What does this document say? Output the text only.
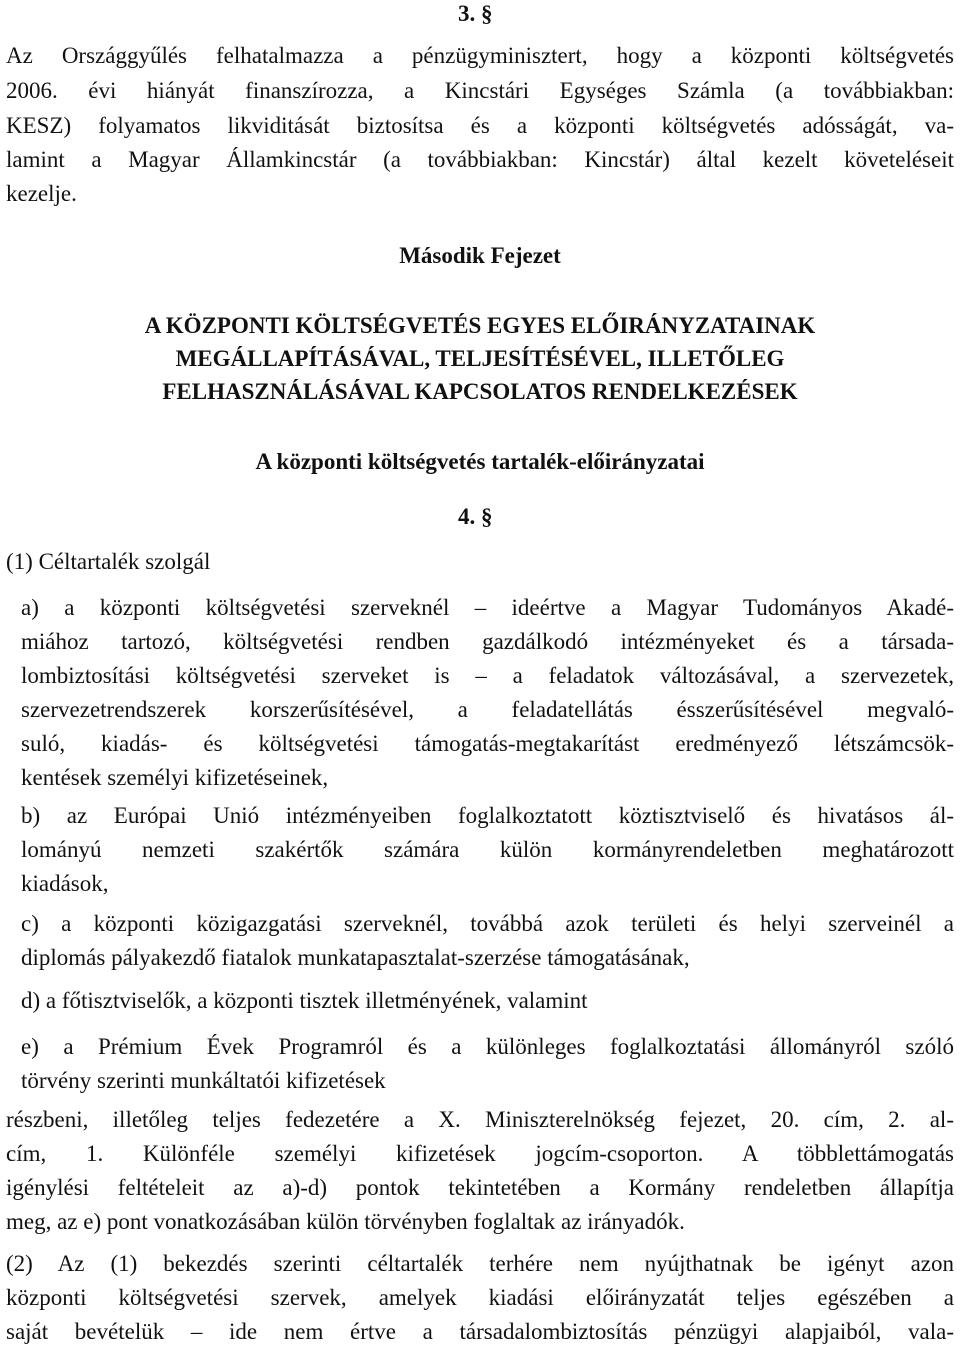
3. §
Az Országgyűlés felhatalmazza a pénzügyminisztert, hogy a központi költségvetés
2006. évi hiányát finanszírozza, a Kincstári Egységes Számla (a továbbiakban:
KESZ) folyamatos likviditását biztosítsa és a központi költségvetés adósságát, va-
lamint a Magyar Államkincstár (a továbbiakban: Kincstár) által kezelt követeléseit
kezelje.
Második Fejezet
A KÖZPONTI KÖLTSÉGVETÉS EGYES ELŐIRÁNYZATAINAK
MEGÁLLAPÍTÁSÁVAL, TELJESÍTÉSÉVEL, ILLETŐLEG
FELHASZNÁLÁSÁVAL KAPCSOLATOS RENDELKEZÉSEK
A központi költségvetés tartalék-előirányzatai
4. §
(1) Céltartalék szolgál
a) a központi költségvetési szerveknél – ideértve a Magyar Tudományos Akadé-
miához tartozó, költségvetési rendben gazdálkodó intézményeket és a társada-
lombiztosítási költségvetési szerveket is – a feladatok változásával, a szervezetek,
szervezetrendszerek korszerűsítésével, a feladatellátás ésszerűsítésével megvaló-
suló, kiadás- és költségvetési támogatás-megtakarítást eredményező létszámcsök-
kentések személyi kifizetéseinek,
b) az Európai Unió intézményeiben foglalkoztatott köztisztviselő és hivatásos ál-
lományú nemzeti szakértők számára külön kormányrendeletben meghatározott
kiadások,
c) a központi közigazgatási szerveknél, továbbá azok területi és helyi szerveinél a
diplomás pályakezdő fiatalok munkatapasztalat-szerzése támogatásának,
d) a főtisztviselők, a központi tisztek illetményének, valamint
e) a Prémium Évek Programról és a különleges foglalkoztatási állományról szóló
törvény szerinti munkáltatói kifizetések
részbeni, illetőleg teljes fedezetére a X. Miniszterelnökség fejezet, 20. cím, 2. al-
cím, 1. Különféle személyi kifizetések jogcím-csoporton. A többlettámogatás
igénylési feltételeit az a)-d) pontok tekintetében a Kormány rendeletben állapítja
meg, az e) pont vonatkozásában külön törvényben foglaltak az irányadók.
(2) Az (1) bekezdés szerinti céltartalék terhére nem nyújthatnak be igényt azon
központi költségvetési szervek, amelyek kiadási előirányzatát teljes egészében a
saját bevételük – ide nem értve a társadalombiztosítás pénzügyi alapjaiból, vala-
